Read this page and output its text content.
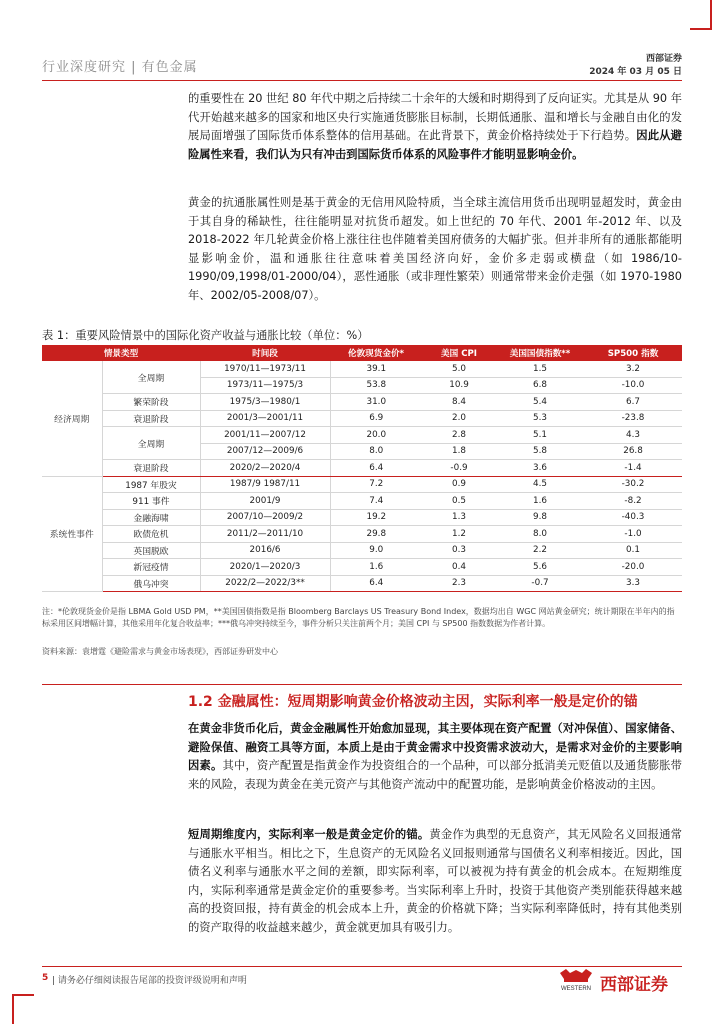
行业深度研究 | 有色金属
西部证券
2024 年 03 月 05 日

的重要性在 20 世纪 80 年代中期之后持续二十余年的大缓和时期得到了反向证实。尤其是从 90 年代开始越来越多的国家和地区央行实施通货膨胀目标制，长期低通胀、温和增长与金融自由化的发展局面增强了国际货币体系整体的信用基础。在此背景下，黄金价格持续处于下行趋势。因此从避险属性来看，我们认为只有冲击到国际货币体系的风险事件才能明显影响金价。

黄金的抗通胀属性则是基于黄金的无信用风险特质，当全球主流信用货币出现明显超发时，黄金由于其自身的稀缺性，往往能明显对抗货币超发。如上世纪的 70 年代、2001 年-2012 年、以及 2018-2022 年几轮黄金价格上涨往往也伴随着美国府债务的大幅扩张。但并非所有的通胀都能明显影响金价，温和通胀往往意味着美国经济向好，金价多走弱或横盘（如 1986/10-1990/09,1998/01-2000/04），恶性通胀（或非理性繁荣）则通常带来金价走强（如 1970-1980 年、2002/05-2008/07）。

表 1：重要风险情景中的国际化资产收益与通胀比较（单位：%）
情景类型		时间段	伦敦现货金价*	美国 CPI	美国国债指数**	SP500 指数
经济周期	全周期	1970/11—1973/11	39.1	5.0	1.5	3.2
		1973/11—1975/3	53.8	10.9	6.8	-10.0
	繁荣阶段	1975/3—1980/1	31.0	8.4	5.4	6.7
	衰退阶段	2001/3—2001/11	6.9	2.0	5.3	-23.8
	全周期	2001/11—2007/12	20.0	2.8	5.1	4.3
		2007/12—2009/6	8.0	1.8	5.8	26.8
	衰退阶段	2020/2—2020/4	6.4	-0.9	3.6	-1.4
系统性事件	1987 年股灾	1987/9 1987/11	7.2	0.9	4.5	-30.2
	911 事件	2001/9	7.4	0.5	1.6	-8.2
	金融海啸	2007/10—2009/2	19.2	1.3	9.8	-40.3
	欧债危机	2011/2—2011/10	29.8	1.2	8.0	-1.0
	英国脱欧	2016/6	9.0	0.3	2.2	0.1
	新冠疫情	2020/1—2020/3	1.6	0.4	5.6	-20.0
	俄乌冲突	2022/2—2022/3**	6.4	2.3	-0.7	3.3

注：*伦敦现货金价是指 LBMA Gold USD PM，**美国国债指数是指 Bloomberg Barclays US Treasury Bond Index，数据均出自 WGC 网站黄金研究；统计期限在半年内的指标采用区间增幅计算，其他采用年化复合收益率；***俄乌冲突持续至今，事件分析只关注前两个月；美国 CPI 与 SP500 指数数据为作者计算。

资料来源：袁增霆《避险需求与黄金市场表现》，西部证券研发中心

1.2 金融属性：短周期影响黄金价格波动主因，实际利率一般是定价的锚

在黄金非货币化后，黄金金融属性开始愈加显现，其主要体现在资产配置（对冲保值）、国家储备、避险保值、融资工具等方面，本质上是由于黄金需求中投资需求波动大，是需求对金价的主要影响因素。其中，资产配置是指黄金作为投资组合的一个品种，可以部分抵消美元贬值以及通货膨胀带来的风险，表现为黄金在美元资产与其他资产流动中的配置功能，是影响黄金价格波动的主因。

短周期维度内，实际利率一般是黄金定价的锚。黄金作为典型的无息资产，其无风险名义回报通常与通胀水平相当。相比之下，生息资产的无风险名义回报则通常与国债名义利率相接近。因此，国债名义利率与通胀水平之间的差额，即实际利率，可以被视为持有黄金的机会成本。在短期维度内，实际利率通常是黄金定价的重要参考。当实际利率上升时，投资于其他资产类别能获得越来越高的投资回报，持有黄金的机会成本上升，黄金的价格就下降；当实际利率降低时，持有其他类别的资产取得的收益越来越少，黄金就更加具有吸引力。

5 | 请务必仔细阅读报告尾部的投资评级说明和声明
WESTERN 西部证券
